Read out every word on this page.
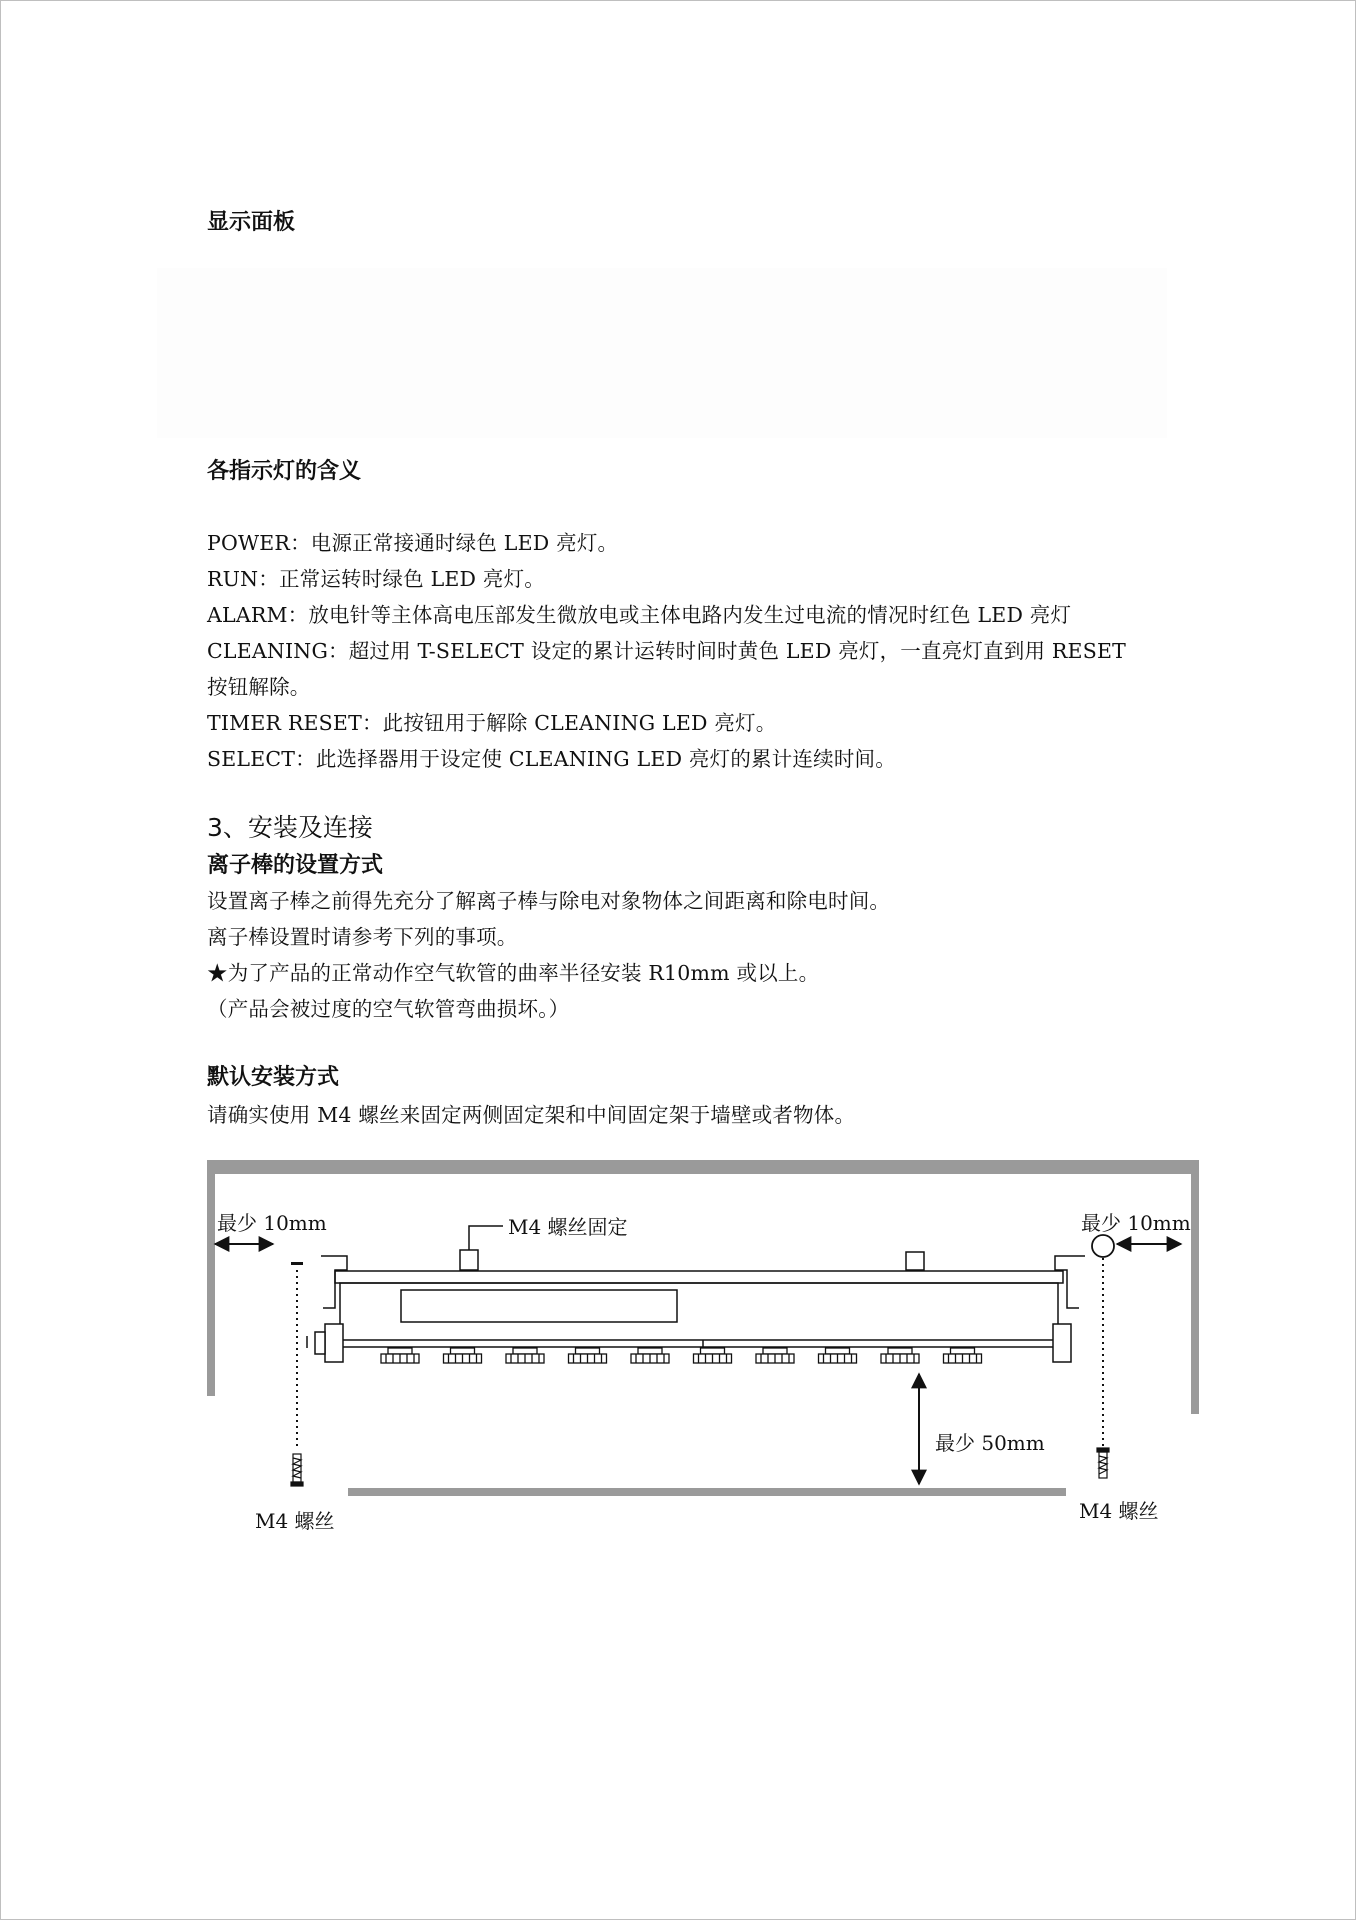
显示面板
各指示灯的含义
POWER：电源正常接通时绿色 LED 亮灯。
RUN：正常运转时绿色 LED 亮灯。
ALARM：放电针等主体高电压部发生微放电或主体电路内发生过电流的情况时红色 LED 亮灯
CLEANING：超过用 T-SELECT 设定的累计运转时间时黄色 LED 亮灯，一直亮灯直到用 RESET
按钮解除。
TIMER RESET：此按钮用于解除 CLEANING LED 亮灯。
SELECT：此选择器用于设定使 CLEANING LED 亮灯的累计连续时间。
3、安装及连接
离子棒的设置方式
设置离子棒之前得先充分了解离子棒与除电对象物体之间距离和除电时间。
离子棒设置时请参考下列的事项。
★为了产品的正常动作空气软管的曲率半径安装 R10mm 或以上。
（产品会被过度的空气软管弯曲损坏。）
默认安装方式
请确实使用 M4 螺丝来固定两侧固定架和中间固定架于墙壁或者物体。
最少 10mm	最少 10mm
M4 螺丝固定
最少 50mm
M4 螺丝	M4 螺丝
